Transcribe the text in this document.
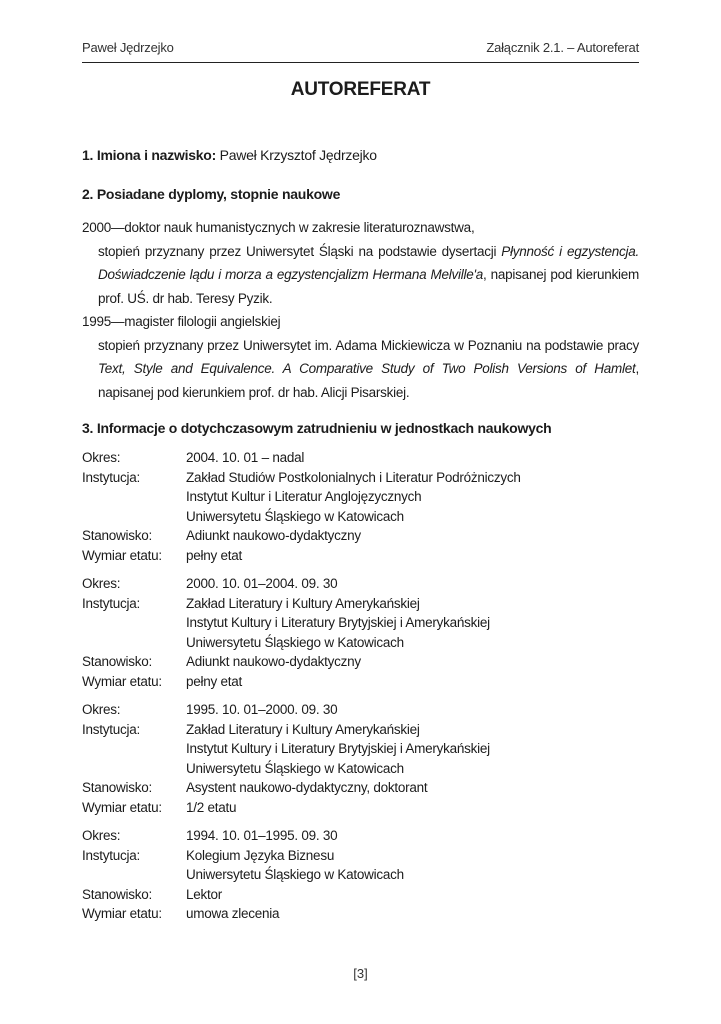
Paweł Jędrzejko	Załącznik 2.1. – Autoreferat
AUTOREFERAT
1. Imiona i nazwisko: Paweł Krzysztof Jędrzejko
2. Posiadane dyplomy, stopnie naukowe
2000—doktor nauk humanistycznych w zakresie literaturoznawstwa,
stopień przyznany przez Uniwersytet Śląski na podstawie dysertacji Płynność i egzystencja. Doświadczenie lądu i morza a egzystencjalizm Hermana Melville'a, napisanej pod kierunkiem prof. UŚ. dr hab. Teresy Pyzik.
1995—magister filologii angielskiej
stopień przyznany przez Uniwersytet im. Adama Mickiewicza w Poznaniu na podstawie pracy Text, Style and Equivalence. A Comparative Study of Two Polish Versions of Hamlet, napisanej pod kierunkiem prof. dr hab. Alicji Pisarskiej.
3. Informacje o dotychczasowym zatrudnieniu w jednostkach naukowych
Okres:	2004. 10. 01 – nadal
Instytucja:	Zakład Studiów Postkolonialnych i Literatur Podróżniczych
Instytut Kultur i Literatur Anglojęzycznych
Uniwersytetu Śląskiego w Katowicach
Stanowisko:	Adiunkt naukowo-dydaktyczny
Wymiar etatu:	pełny etat
Okres:	2000. 10. 01–2004. 09. 30
Instytucja:	Zakład Literatury i Kultury Amerykańskiej
Instytut Kultury i Literatury Brytyjskiej i Amerykańskiej
Uniwersytetu Śląskiego w Katowicach
Stanowisko:	Adiunkt naukowo-dydaktyczny
Wymiar etatu:	pełny etat
Okres:	1995. 10. 01–2000. 09. 30
Instytucja:	Zakład Literatury i Kultury Amerykańskiej
Instytut Kultury i Literatury Brytyjskiej i Amerykańskiej
Uniwersytetu Śląskiego w Katowicach
Stanowisko:	Asystent naukowo-dydaktyczny, doktorant
Wymiar etatu:	1/2 etatu
Okres:	1994. 10. 01–1995. 09. 30
Instytucja:	Kolegium Języka Biznesu
Uniwersytetu Śląskiego w Katowicach
Stanowisko:	Lektor
Wymiar etatu:	umowa zlecenia
[3]
